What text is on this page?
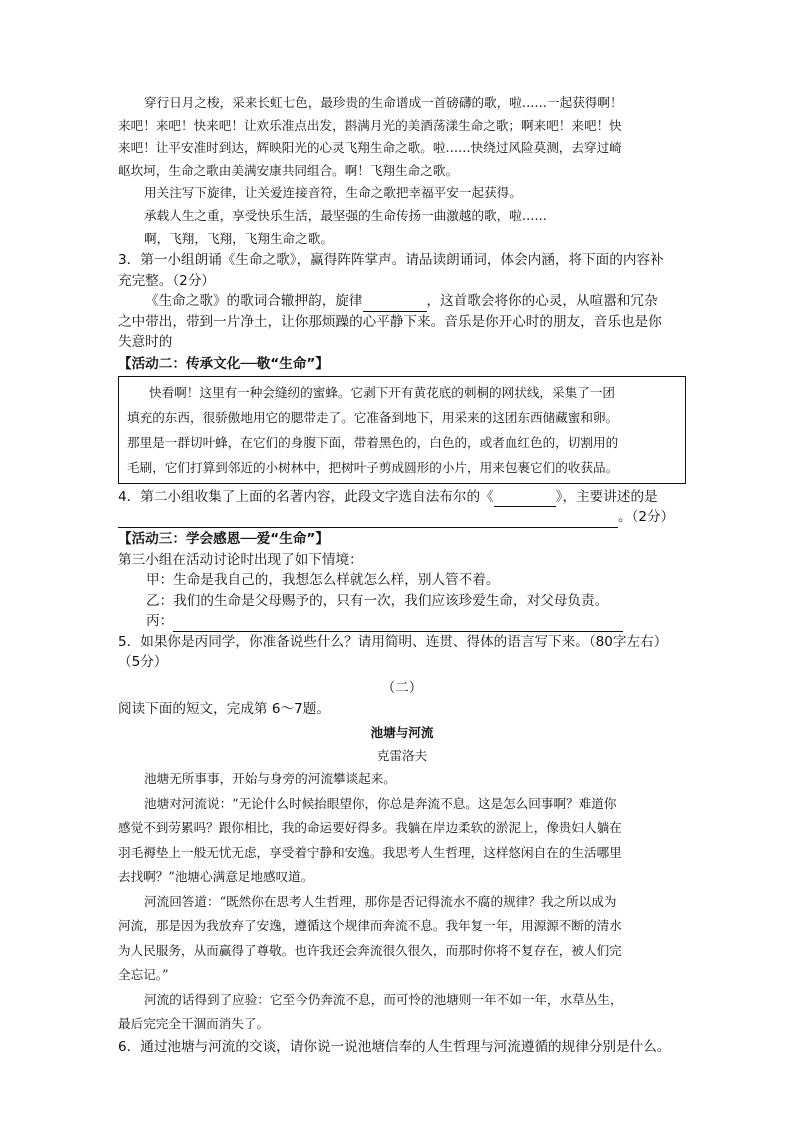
穿行日月之梭，采来长虹七色，最珍贵的生命谱成一首磅礴的歌，啦……一起获得啊！
来吧！来吧！快来吧！让欢乐准点出发，斟满月光的美酒荡漾生命之歌；啊来吧！来吧！快
来吧！让平安准时到达，辉映阳光的心灵飞翔生命之歌。啦……快绕过风险莫测，去穿过崎
岖坎坷，生命之歌由美满安康共同组合。啊！飞翔生命之歌。
用关注写下旋律，让关爱连接音符，生命之歌把幸福平安一起获得。
承载人生之重，享受快乐生活，最坚强的生命传扬一曲激越的歌，啦……
啊，飞翔，飞翔，飞翔生命之歌。
3．第一小组朗诵《生命之歌》，赢得阵阵掌声。请品读朗诵词，体会内涵，将下面的内容补
充完整。（2分）
《生命之歌》的歌词合辙押韵，旋律	，这首歌会将你的心灵，从喧嚣和冗杂
之中带出，带到一片净土，让你那烦躁的心平静下来。音乐是你开心时的朋友，音乐也是你
失意时的
【活动二：传承文化──敬“生命”】
快看啊！这里有一种会缝纫的蜜蜂。它剥下开有黄花底的刺桐的网状线，采集了一团
填充的东西，很骄傲地用它的腮带走了。它准备到地下，用采来的这团东西储藏蜜和卵。
那里是一群切叶蜂，在它们的身腹下面，带着黑色的，白色的，或者血红色的，切割用的
毛刷，它们打算到邻近的小树林中，把树叶子剪成圆形的小片，用来包裹它们的收获品。
4．第二小组收集了上面的名著内容，此段文字选自法布尔的《	》，主要讲述的是
。（2分）
【活动三：学会感恩──爱“生命”】
第三小组在活动讨论时出现了如下情境：
甲：生命是我自己的，我想怎么样就怎么样，别人管不着。
乙：我们的生命是父母赐予的，只有一次，我们应该珍爱生命，对父母负责。
丙：
5．如果你是丙同学，你准备说些什么？请用简明、连贯、得体的语言写下来。（80字左右）
（5分）
（二）
阅读下面的短文，完成第 6～7题。
池塘与河流
克雷洛夫
池塘无所事事，开始与身旁的河流攀谈起来。
池塘对河流说：“无论什么时候抬眼望你，你总是奔流不息。这是怎么回事啊？难道你
感觉不到劳累吗？跟你相比，我的命运要好得多。我躺在岸边柔软的淤泥上，像贵妇人躺在
羽毛褥垫上一般无忧无虑，享受着宁静和安逸。我思考人生哲理，这样悠闲自在的生活哪里
去找啊？”池塘心满意足地感叹道。
河流回答道：“既然你在思考人生哲理，那你是否记得流水不腐的规律？我之所以成为
河流，那是因为我放弃了安逸，遵循这个规律而奔流不息。我年复一年，用源源不断的清水
为人民服务，从而赢得了尊敬。也许我还会奔流很久很久，而那时你将不复存在，被人们完
全忘记。”
河流的话得到了应验：它至今仍奔流不息，而可怜的池塘则一年不如一年，水草丛生，
最后完完全干涸而消失了。
6．通过池塘与河流的交谈，请你说一说池塘信奉的人生哲理与河流遵循的规律分别是什么。
